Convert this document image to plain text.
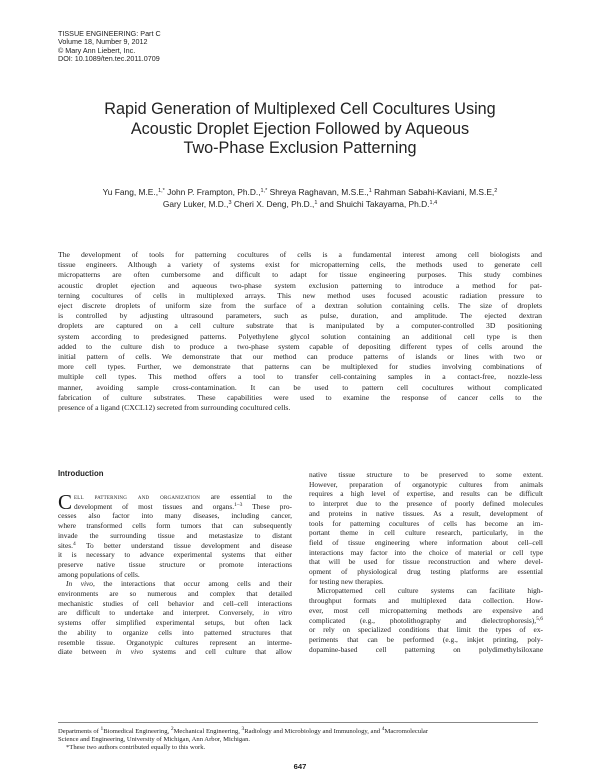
TISSUE ENGINEERING: Part C
Volume 18, Number 9, 2012
© Mary Ann Liebert, Inc.
DOI: 10.1089/ten.tec.2011.0709
Rapid Generation of Multiplexed Cell Cocultures Using
Acoustic Droplet Ejection Followed by Aqueous
Two-Phase Exclusion Patterning
Yu Fang, M.E.,$^{1,*}$ John P. Frampton, Ph.D.,$^{1,*}$ Shreya Raghavan, M.S.E.,$^1$ Rahman Sabahi-Kaviani, M.S.E,$^2$
Gary Luker, M.D.,$^3$ Cheri X. Deng, Ph.D.,$^1$ and Shuichi Takayama, Ph.D.$^{1,4}$
The development of tools for patterning cocultures of cells is a fundamental interest among cell biologists and
tissue engineers. Although a variety of systems exist for micropatterning cells, the methods used to generate cell
micropatterns are often cumbersome and difficult to adapt for tissue engineering purposes. This study combines
acoustic droplet ejection and aqueous two-phase system exclusion patterning to introduce a method for pat-
terning cocultures of cells in multiplexed arrays. This new method uses focused acoustic radiation pressure to
eject discrete droplets of uniform size from the surface of a dextran solution containing cells. The size of droplets
is controlled by adjusting ultrasound parameters, such as pulse, duration, and amplitude. The ejected dextran
droplets are captured on a cell culture substrate that is manipulated by a computer-controlled 3D positioning
system according to predesigned patterns. Polyethylene glycol solution containing an additional cell type is then
added to the culture dish to produce a two-phase system capable of depositing different types of cells around the
initial pattern of cells. We demonstrate that our method can produce patterns of islands or lines with two or
more cell types. Further, we demonstrate that patterns can be multiplexed for studies involving combinations of
multiple cell types. This method offers a tool to transfer cell-containing samples in a contact-free, nozzle-less
manner, avoiding sample cross-contamination. It can be used to pattern cell cocultures without complicated
fabrication of culture substrates. These capabilities were used to examine the response of cancer cells to the
presence of a ligand (CXCL12) secreted from surrounding cocultured cells.
Introduction
C ell patterning and organization are essential to the
development of most tissues and organs.$^{1-3}$ These pro-
cesses also factor into many diseases, including cancer,
where transformed cells form tumors that can subsequently
invade the surrounding tissue and metastasize to distant
sites.$^4$ To better understand tissue development and disease
it is necessary to advance experimental systems that either
preserve native tissue structure or promote interactions
among populations of cells.
In vivo, the interactions that occur among cells and their
environments are so numerous and complex that detailed
mechanistic studies of cell behavior and cell–cell interactions
are difficult to undertake and interpret. Conversely, in vitro
systems offer simplified experimental setups, but often lack
the ability to organize cells into patterned structures that
resemble tissue. Organotypic cultures represent an interme-
diate between in vivo systems and cell culture that allow
native tissue structure to be preserved to some extent.
However, preparation of organotypic cultures from animals
requires a high level of expertise, and results can be difficult
to interpret due to the presence of poorly defined molecules
and proteins in native tissues. As a result, development of
tools for patterning cocultures of cells has become an im-
portant theme in cell culture research, particularly, in the
field of tissue engineering where information about cell–cell
interactions may factor into the choice of material or cell type
that will be used for tissue reconstruction and where devel-
opment of physiological drug testing platforms are essential
for testing new therapies.
Micropatterned cell culture systems can facilitate high-
throughput formats and multiplexed data collection. How-
ever, most cell micropatterning methods are expensive and
complicated (e.g., photolithography and dielectrophoresis),$^{5,6}$
or rely on specialized conditions that limit the types of ex-
periments that can be performed (e.g., inkjet printing, poly-
dopamine-based cell patterning on polydimethylsiloxane
Departments of $^1$Biomedical Engineering, $^2$Mechanical Engineering, $^3$Radiology and Microbiology and Immunology, and $^4$Macromolecular
Science and Engineering, University of Michigan, Ann Arbor, Michigan.
*These two authors contributed equally to this work.
647
